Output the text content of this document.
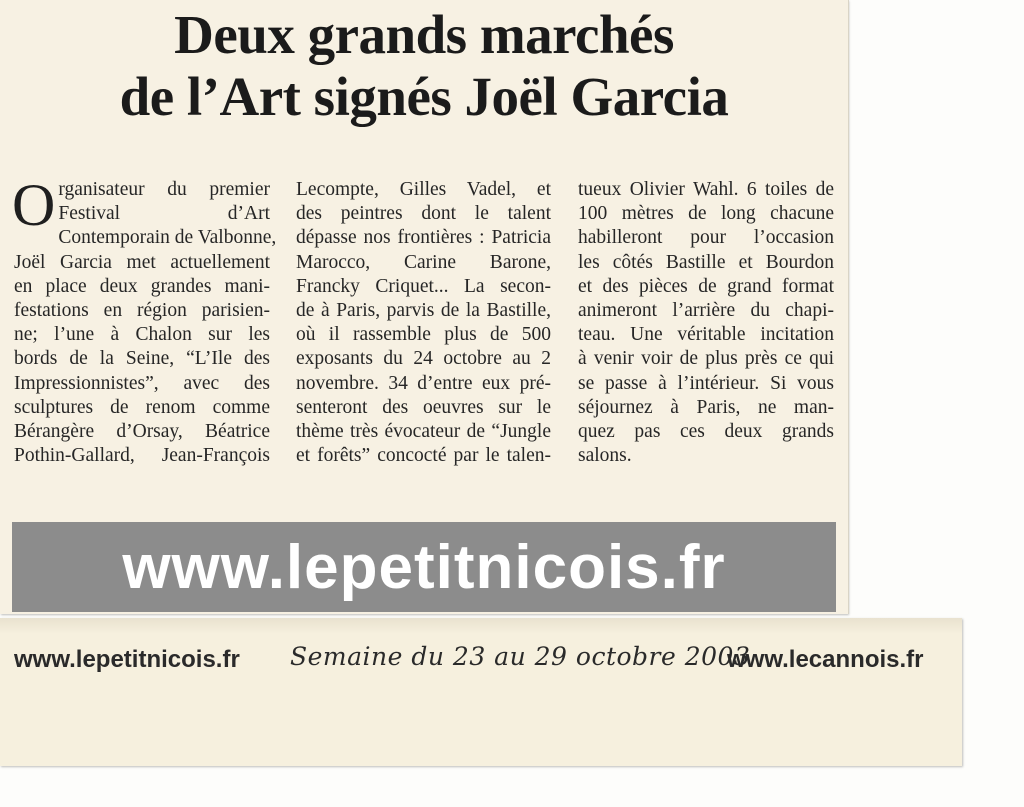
Deux grands marchés
de l’Art signés Joël Garcia
O rganisateur du premier
Festival d’Art
Contemporain de Valbonne,
Joël Garcia met actuellement
en place deux grandes mani-
festations en région parisien-
ne; l’une à Chalon sur les
bords de la Seine, “L’Ile des
Impressionnistes”, avec des
sculptures de renom comme
Bérangère d’Orsay, Béatrice
Pothin-Gallard, Jean-François
Lecompte, Gilles Vadel, et
des peintres dont le talent
dépasse nos frontières : Patricia
Marocco, Carine Barone,
Francky Criquet... La secon-
de à Paris, parvis de la Bastille,
où il rassemble plus de 500
exposants du 24 octobre au 2
novembre. 34 d’entre eux pré-
senteront des oeuvres sur le
thème très évocateur de “Jungle
et forêts” concocté par le talen-
tueux Olivier Wahl. 6 toiles de
100 mètres de long chacune
habilleront pour l’occasion
les côtés Bastille et Bourdon
et des pièces de grand format
animeront l’arrière du chapi-
teau. Une véritable incitation
à venir voir de plus près ce qui
se passe à l’intérieur. Si vous
séjournez à Paris, ne man-
quez pas ces deux grands
salons.
www.lepetitnicois.fr
www.lepetitnicois.fr Semaine du 23 au 29 octobre 2003
www.lecannois.fr
